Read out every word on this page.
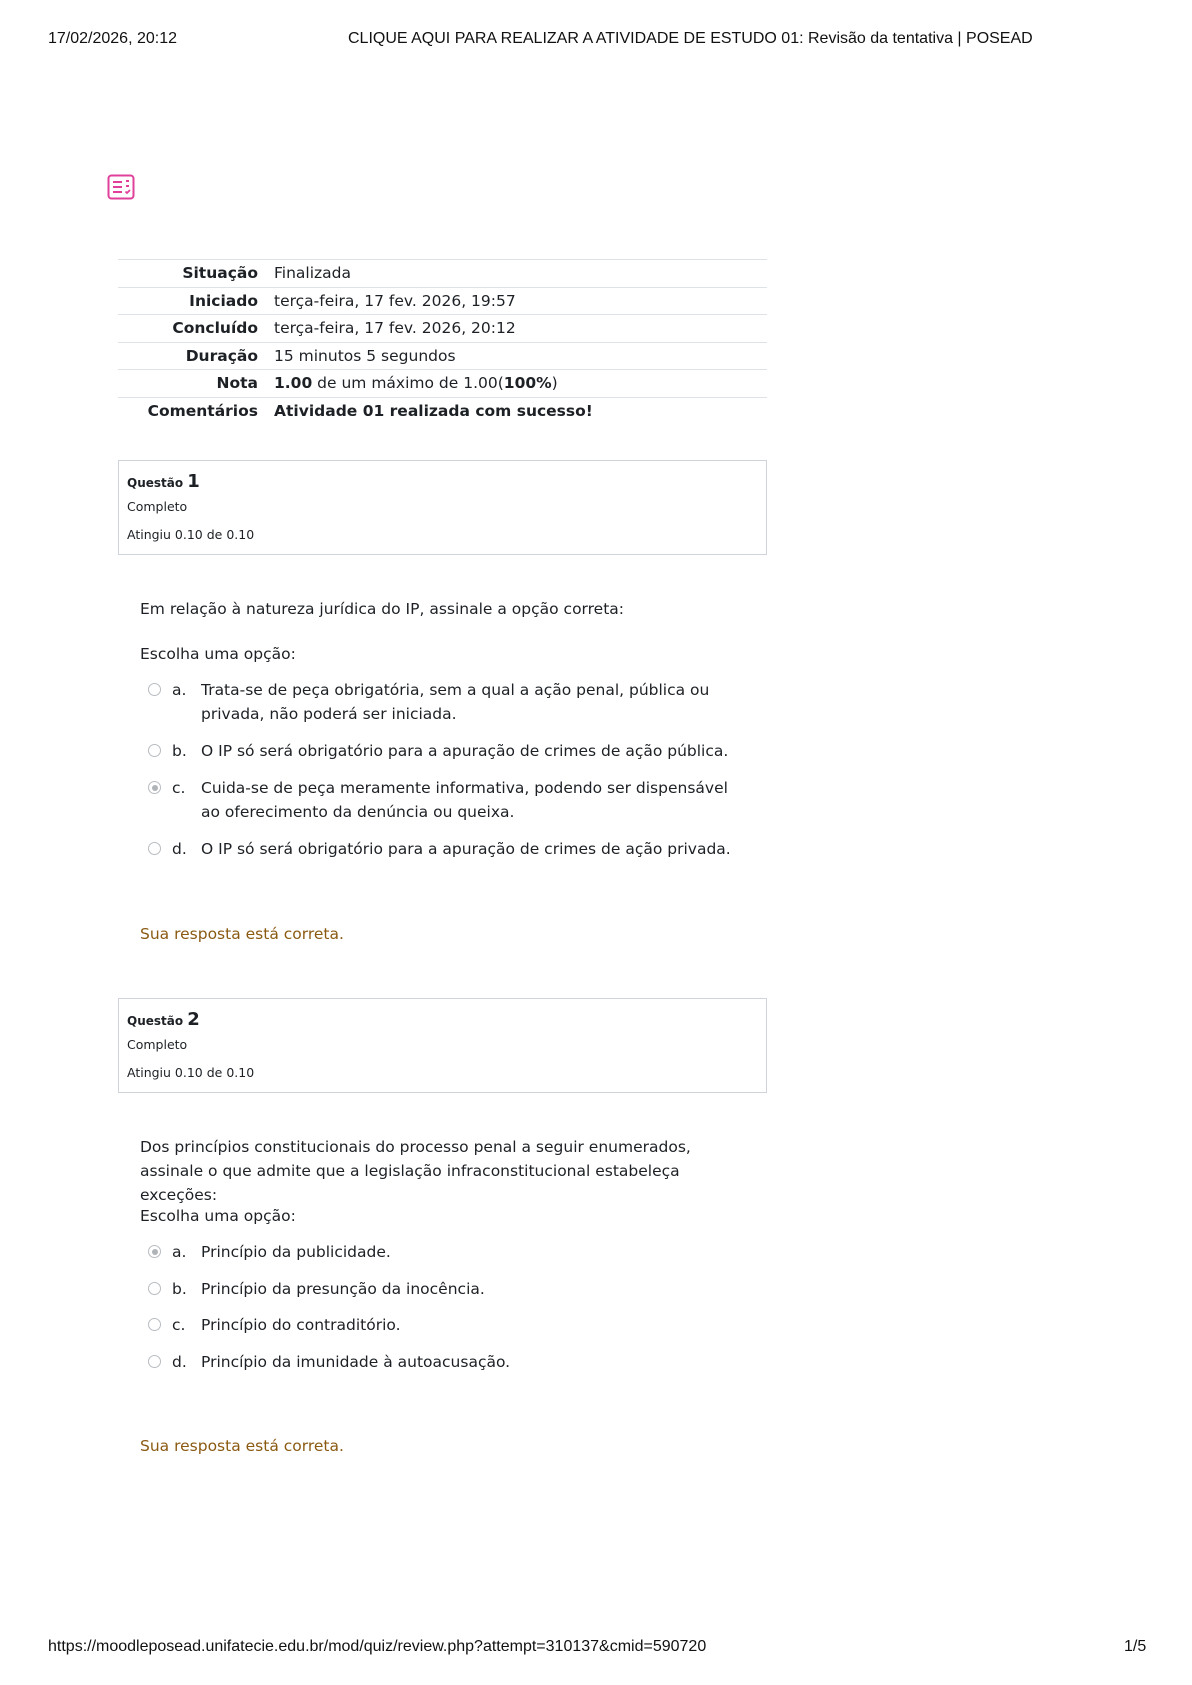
17/02/2026, 20:12	CLIQUE AQUI PARA REALIZAR A ATIVIDADE DE ESTUDO 01: Revisão da tentativa | POSEAD
Situação	Finalizada
Iniciado	terça-feira, 17 fev. 2026, 19:57
Concluído	terça-feira, 17 fev. 2026, 20:12
Duração	15 minutos 5 segundos
Nota	1.00 de um máximo de 1.00(100%)
Comentários	Atividade 01 realizada com sucesso!
Questão 1
Completo
Atingiu 0.10 de 0.10
Em relação à natureza jurídica do IP, assinale a opção correta:
Escolha uma opção:
a. Trata-se de peça obrigatória, sem a qual a ação penal, pública ou privada, não poderá ser iniciada.
b. O IP só será obrigatório para a apuração de crimes de ação pública.
c. Cuida-se de peça meramente informativa, podendo ser dispensável ao oferecimento da denúncia ou queixa.
d. O IP só será obrigatório para a apuração de crimes de ação privada.
Sua resposta está correta.
Questão 2
Completo
Atingiu 0.10 de 0.10
Dos princípios constitucionais do processo penal a seguir enumerados, assinale o que admite que a legislação infraconstitucional estabeleça exceções:
Escolha uma opção:
a. Princípio da publicidade.
b. Princípio da presunção da inocência.
c. Princípio do contraditório.
d. Princípio da imunidade à autoacusação.
Sua resposta está correta.
https://moodleposead.unifatecie.edu.br/mod/quiz/review.php?attempt=310137&cmid=590720	1/5
